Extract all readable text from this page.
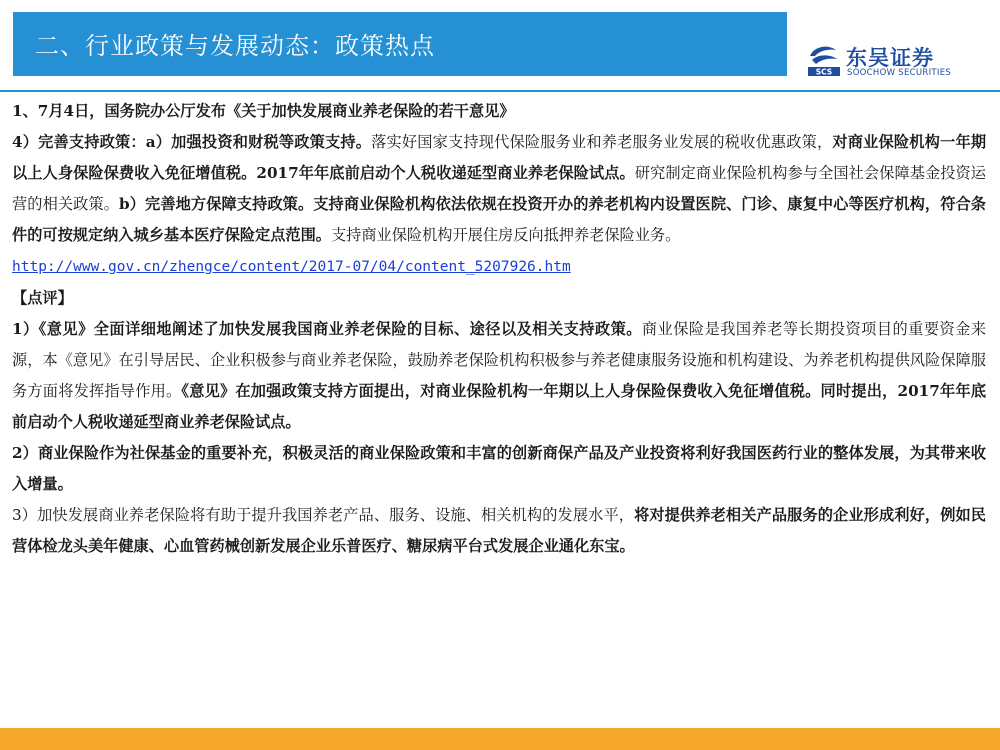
二、行业政策与发展动态：政策热点
SCS
东吴证券
SOOCHOW SECURITIES

1、7月4日，国务院办公厅发布《关于加快发展商业养老保险的若干意见》

4）完善支持政策：a）加强投资和财税等政策支持。落实好国家支持现代保险服务业和养老服务业发展的税收优惠政策，对商业保险机构一年期以上人身保险保费收入免征增值税。2017年年底前启动个人税收递延型商业养老保险试点。研究制定商业保险机构参与全国社会保障基金投资运营的相关政策。b）完善地方保障支持政策。支持商业保险机构依法依规在投资开办的养老机构内设置医院、门诊、康复中心等医疗机构，符合条件的可按规定纳入城乡基本医疗保险定点范围。支持商业保险机构开展住房反向抵押养老保险业务。

http://www.gov.cn/zhengce/content/2017-07/04/content_5207926.htm

【点评】

1）《意见》全面详细地阐述了加快发展我国商业养老保险的目标、途径以及相关支持政策。商业保险是我国养老等长期投资项目的重要资金来源，本《意见》在引导居民、企业积极参与商业养老保险，鼓励养老保险机构积极参与养老健康服务设施和机构建设、为养老机构提供风险保障服务方面将发挥指导作用。《意见》在加强政策支持方面提出，对商业保险机构一年期以上人身保险保费收入免征增值税。同时提出，2017年年底前启动个人税收递延型商业养老保险试点。

2）商业保险作为社保基金的重要补充，积极灵活的商业保险政策和丰富的创新商保产品及产业投资将利好我国医药行业的整体发展，为其带来收入增量。

3）加快发展商业养老保险将有助于提升我国养老产品、服务、设施、相关机构的发展水平，将对提供养老相关产品服务的企业形成利好，例如民营体检龙头美年健康、心血管药械创新发展企业乐普医疗、糖尿病平台式发展企业通化东宝。
